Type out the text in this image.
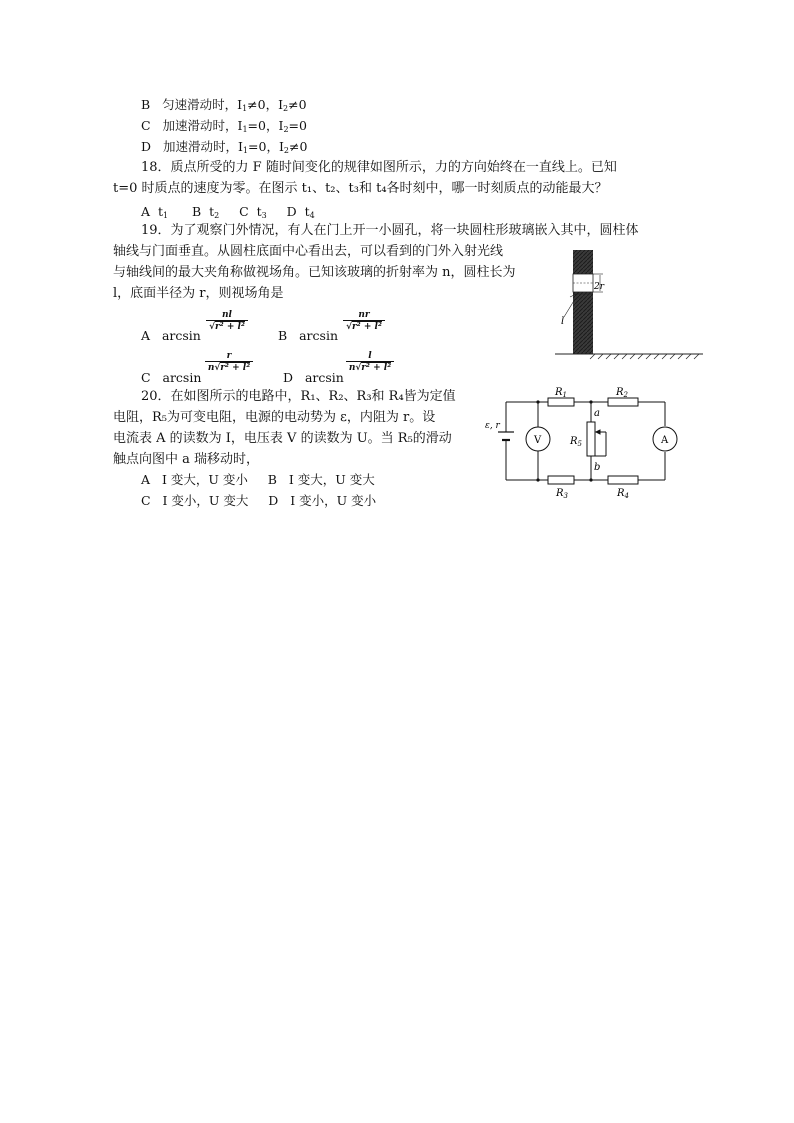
B 匀速滑动时，$I_1\ne 0$，$I_2\ne 0$
C 加速滑动时，$I_1=0$，$I_2=0$
D 加速滑动时，$I_1=0$，$I_2\ne 0$
18．质点所受的力 F 随时间变化的规律如图所示，力的方向始终在一直线上。已知
t=0 时质点的速度为零。在图示 t₁、t₂、t₃和 t₄各时刻中，哪一时刻质点的动能最大？
A $t_1$ B $t_2$ C $t_3$ D $t_4$
19．为了观察门外情况，有人在门上开一小圆孔，将一块圆柱形玻璃嵌入其中，圆柱体
轴线与门面垂直。从圆柱底面中心看出去，可以看到的门外入射光线
与轴线间的最大夹角称做视场角。已知该玻璃的折射率为 n，圆柱长为
l，底面半径为 r，则视场角是
A arcsin
$\frac{nl}{\text{√r² + l²}}$
B arcsin
$\frac{nr}{\text{√r² + l²}}$
C arcsin
$\frac{r}{\text{n√r² + l²}}$
D arcsin
$\frac{l}{\text{n√r² + l²}}$
2r
l
20．在如图所示的电路中，R₁、R₂、R₃和 R₄皆为定值
电阻，R₅为可变电阻，电源的电动势为 ε，内阻为 r。设
电流表 A 的读数为 I，电压表 V 的读数为 U。当 R₅的滑动
触点向图中 a 瑞移动时，
A I 变大，U 变小 B I 变大，U 变大
C I 变小，U 变大 D I 变小，U 变小
$R_1$	$R_2$
$R_3$	$R_4$
$R_5$
a
b
ε, r
V	A
